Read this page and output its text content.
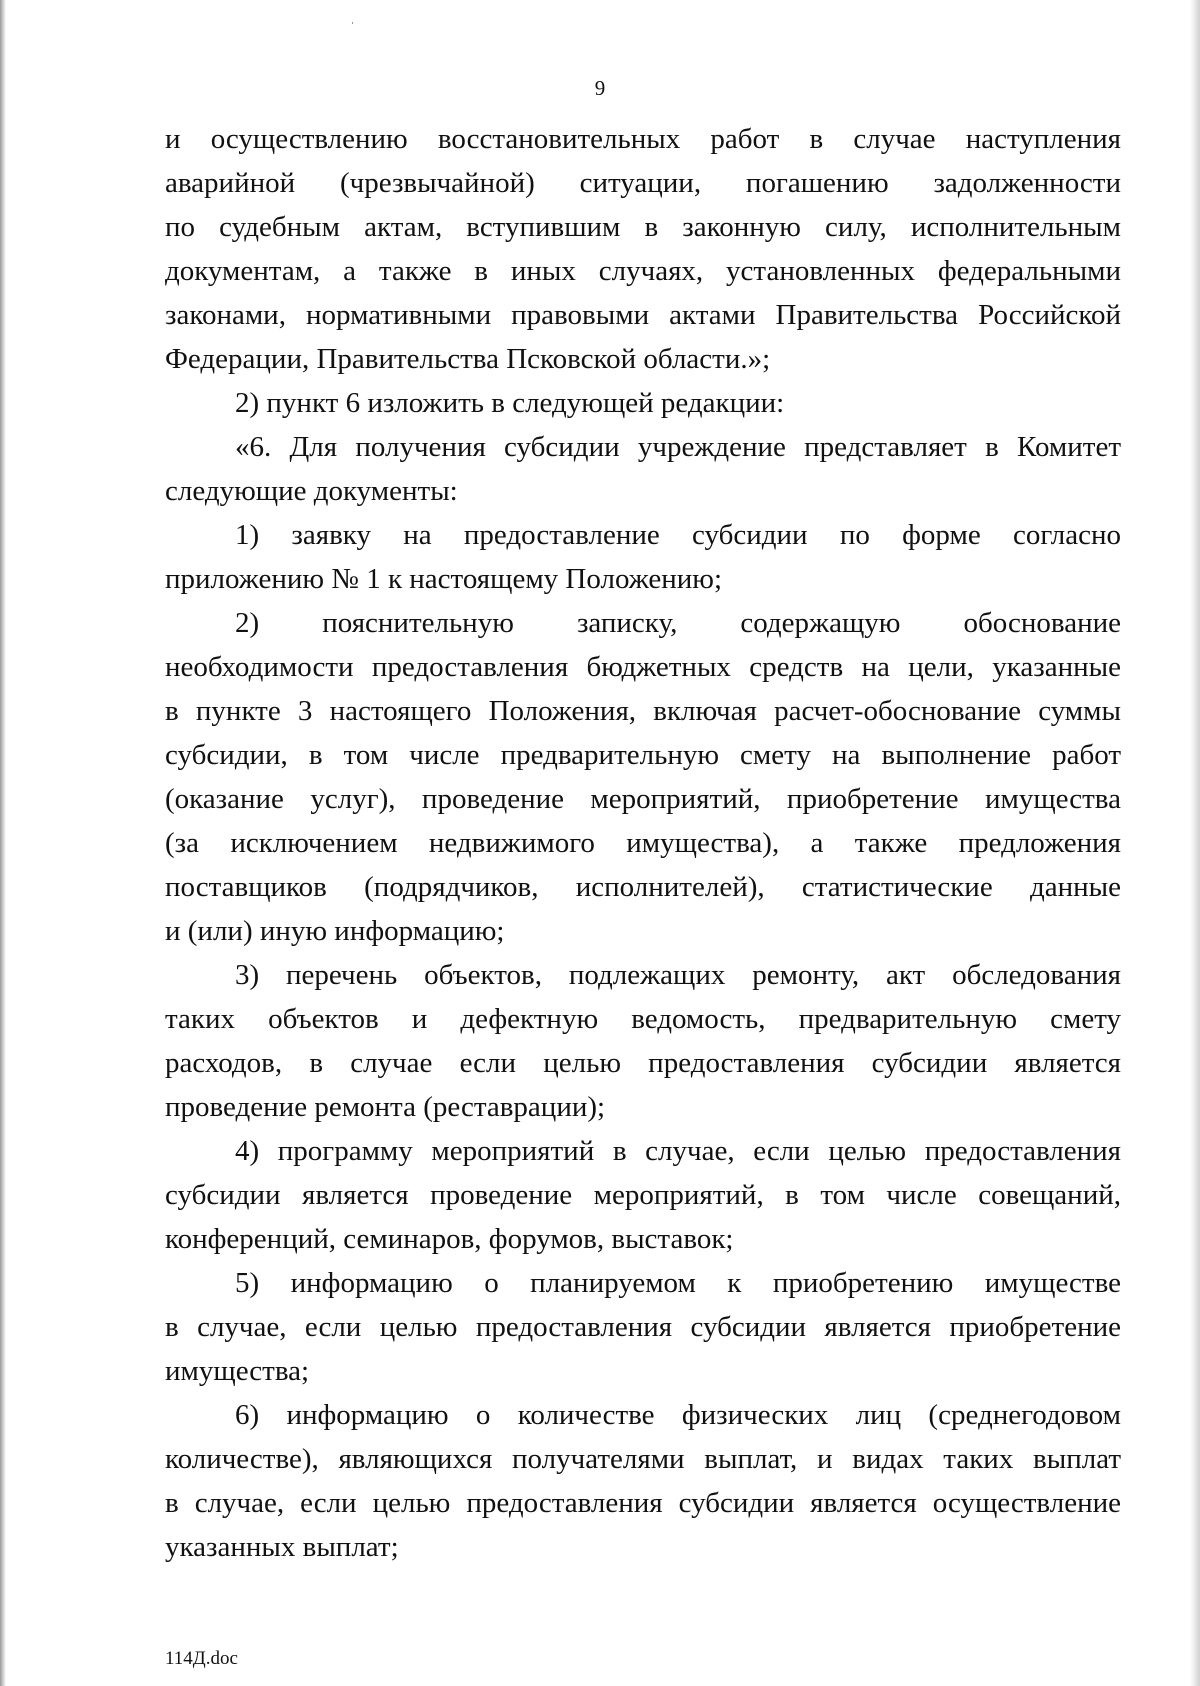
9
и осуществлению восстановительных работ в случае наступления
аварийной (чрезвычайной) ситуации, погашению задолженности
по судебным актам, вступившим в законную силу, исполнительным
документам, а также в иных случаях, установленных федеральными
законами, нормативными правовыми актами Правительства Российской
Федерации, Правительства Псковской области.»;
2) пункт 6 изложить в следующей редакции:
«6. Для получения субсидии учреждение представляет в Комитет
следующие документы:
1) заявку на предоставление субсидии по форме согласно
приложению № 1 к настоящему Положению;
2) пояснительную записку, содержащую обоснование
необходимости предоставления бюджетных средств на цели, указанные
в пункте 3 настоящего Положения, включая расчет-обоснование суммы
субсидии, в том числе предварительную смету на выполнение работ
(оказание услуг), проведение мероприятий, приобретение имущества
(за исключением недвижимого имущества), а также предложения
поставщиков (подрядчиков, исполнителей), статистические данные
и (или) иную информацию;
3) перечень объектов, подлежащих ремонту, акт обследования
таких объектов и дефектную ведомость, предварительную смету
расходов, в случае если целью предоставления субсидии является
проведение ремонта (реставрации);
4) программу мероприятий в случае, если целью предоставления
субсидии является проведение мероприятий, в том числе совещаний,
конференций, семинаров, форумов, выставок;
5) информацию о планируемом к приобретению имуществе
в случае, если целью предоставления субсидии является приобретение
имущества;
6) информацию о количестве физических лиц (среднегодовом
количестве), являющихся получателями выплат, и видах таких выплат
в случае, если целью предоставления субсидии является осуществление
указанных выплат;
114Д.doc
